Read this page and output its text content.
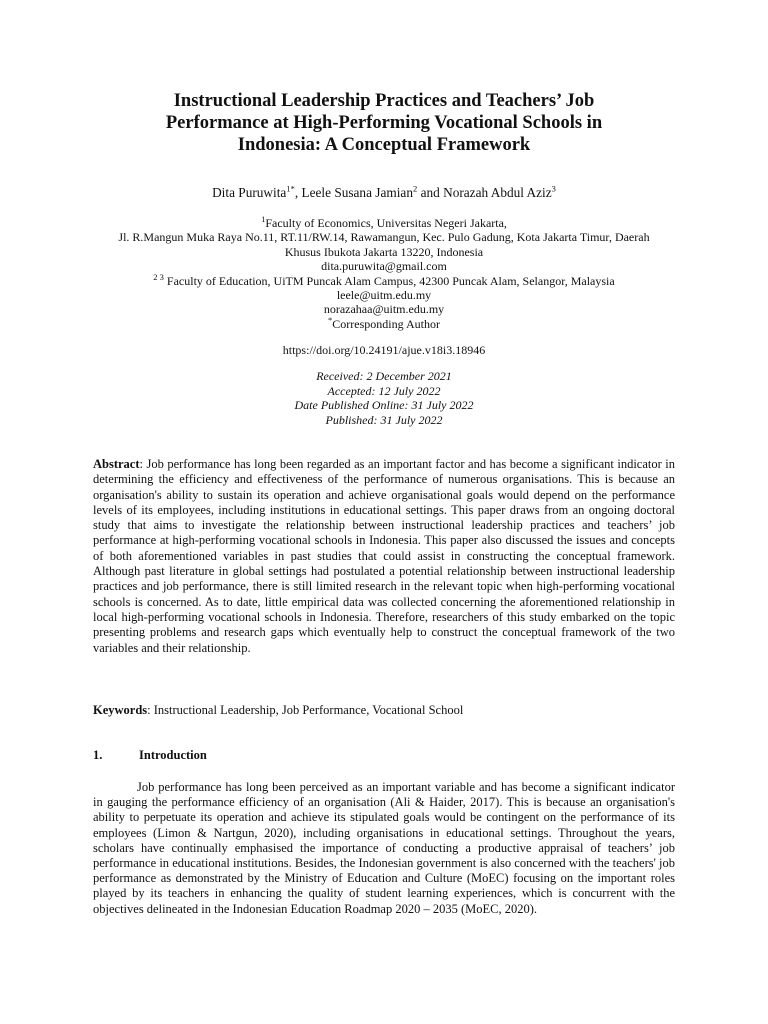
Instructional Leadership Practices and Teachers’ Job
Performance at High-Performing Vocational Schools in
Indonesia: A Conceptual Framework
Dita Puruwita$^{1*}$, Leele Susana Jamian$^2$ and Norazah Abdul Aziz$^3$
$^1$Faculty of Economics, Universitas Negeri Jakarta,
Jl. R.Mangun Muka Raya No.11, RT.11/RW.14, Rawamangun, Kec. Pulo Gadung, Kota Jakarta Timur, Daerah
Khusus Ibukota Jakarta 13220, Indonesia
dita.puruwita@gmail.com
$^{2 3}$ Faculty of Education, UiTM Puncak Alam Campus, 42300 Puncak Alam, Selangor, Malaysia
leele@uitm.edu.my
norazahaa@uitm.edu.my
*Corresponding Author
https://doi.org/10.24191/ajue.v18i3.18946
Received: 2 December 2021
Accepted: 12 July 2022
Date Published Online: 31 July 2022
Published: 31 July 2022

Abstract: Job performance has long been regarded as an important factor and has become a significant indicator in determining the efficiency and effectiveness of the performance of numerous organisations. This is because an organisation's ability to sustain its operation and achieve organisational goals would depend on the performance levels of its employees, including institutions in educational settings. This paper draws from an ongoing doctoral study that aims to investigate the relationship between instructional leadership practices and teachers’ job performance at high-performing vocational schools in Indonesia. This paper also discussed the issues and concepts of both aforementioned variables in past studies that could assist in constructing the conceptual framework. Although past literature in global settings had postulated a potential relationship between instructional leadership practices and job performance, there is still limited research in the relevant topic when high-performing vocational schools is concerned. As to date, little empirical data was collected concerning the aforementioned relationship in local high-performing vocational schools in Indonesia. Therefore, researchers of this study embarked on the topic presenting problems and research gaps which eventually help to construct the conceptual framework of the two variables and their relationship.

Keywords: Instructional Leadership, Job Performance, Vocational School

1.	Introduction

Job performance has long been perceived as an important variable and has become a significant indicator in gauging the performance efficiency of an organisation (Ali & Haider, 2017). This is because an organisation's ability to perpetuate its operation and achieve its stipulated goals would be contingent on the performance of its employees (Limon & Nartgun, 2020), including organisations in educational settings. Throughout the years, scholars have continually emphasised the importance of conducting a productive appraisal of teachers’ job performance in educational institutions. Besides, the Indonesian government is also concerned with the teachers' job performance as demonstrated by the Ministry of Education and Culture (MoEC) focusing on the important roles played by its teachers in enhancing the quality of student learning experiences, which is concurrent with the objectives delineated in the Indonesian Education Roadmap 2020 – 2035 (MoEC, 2020).
